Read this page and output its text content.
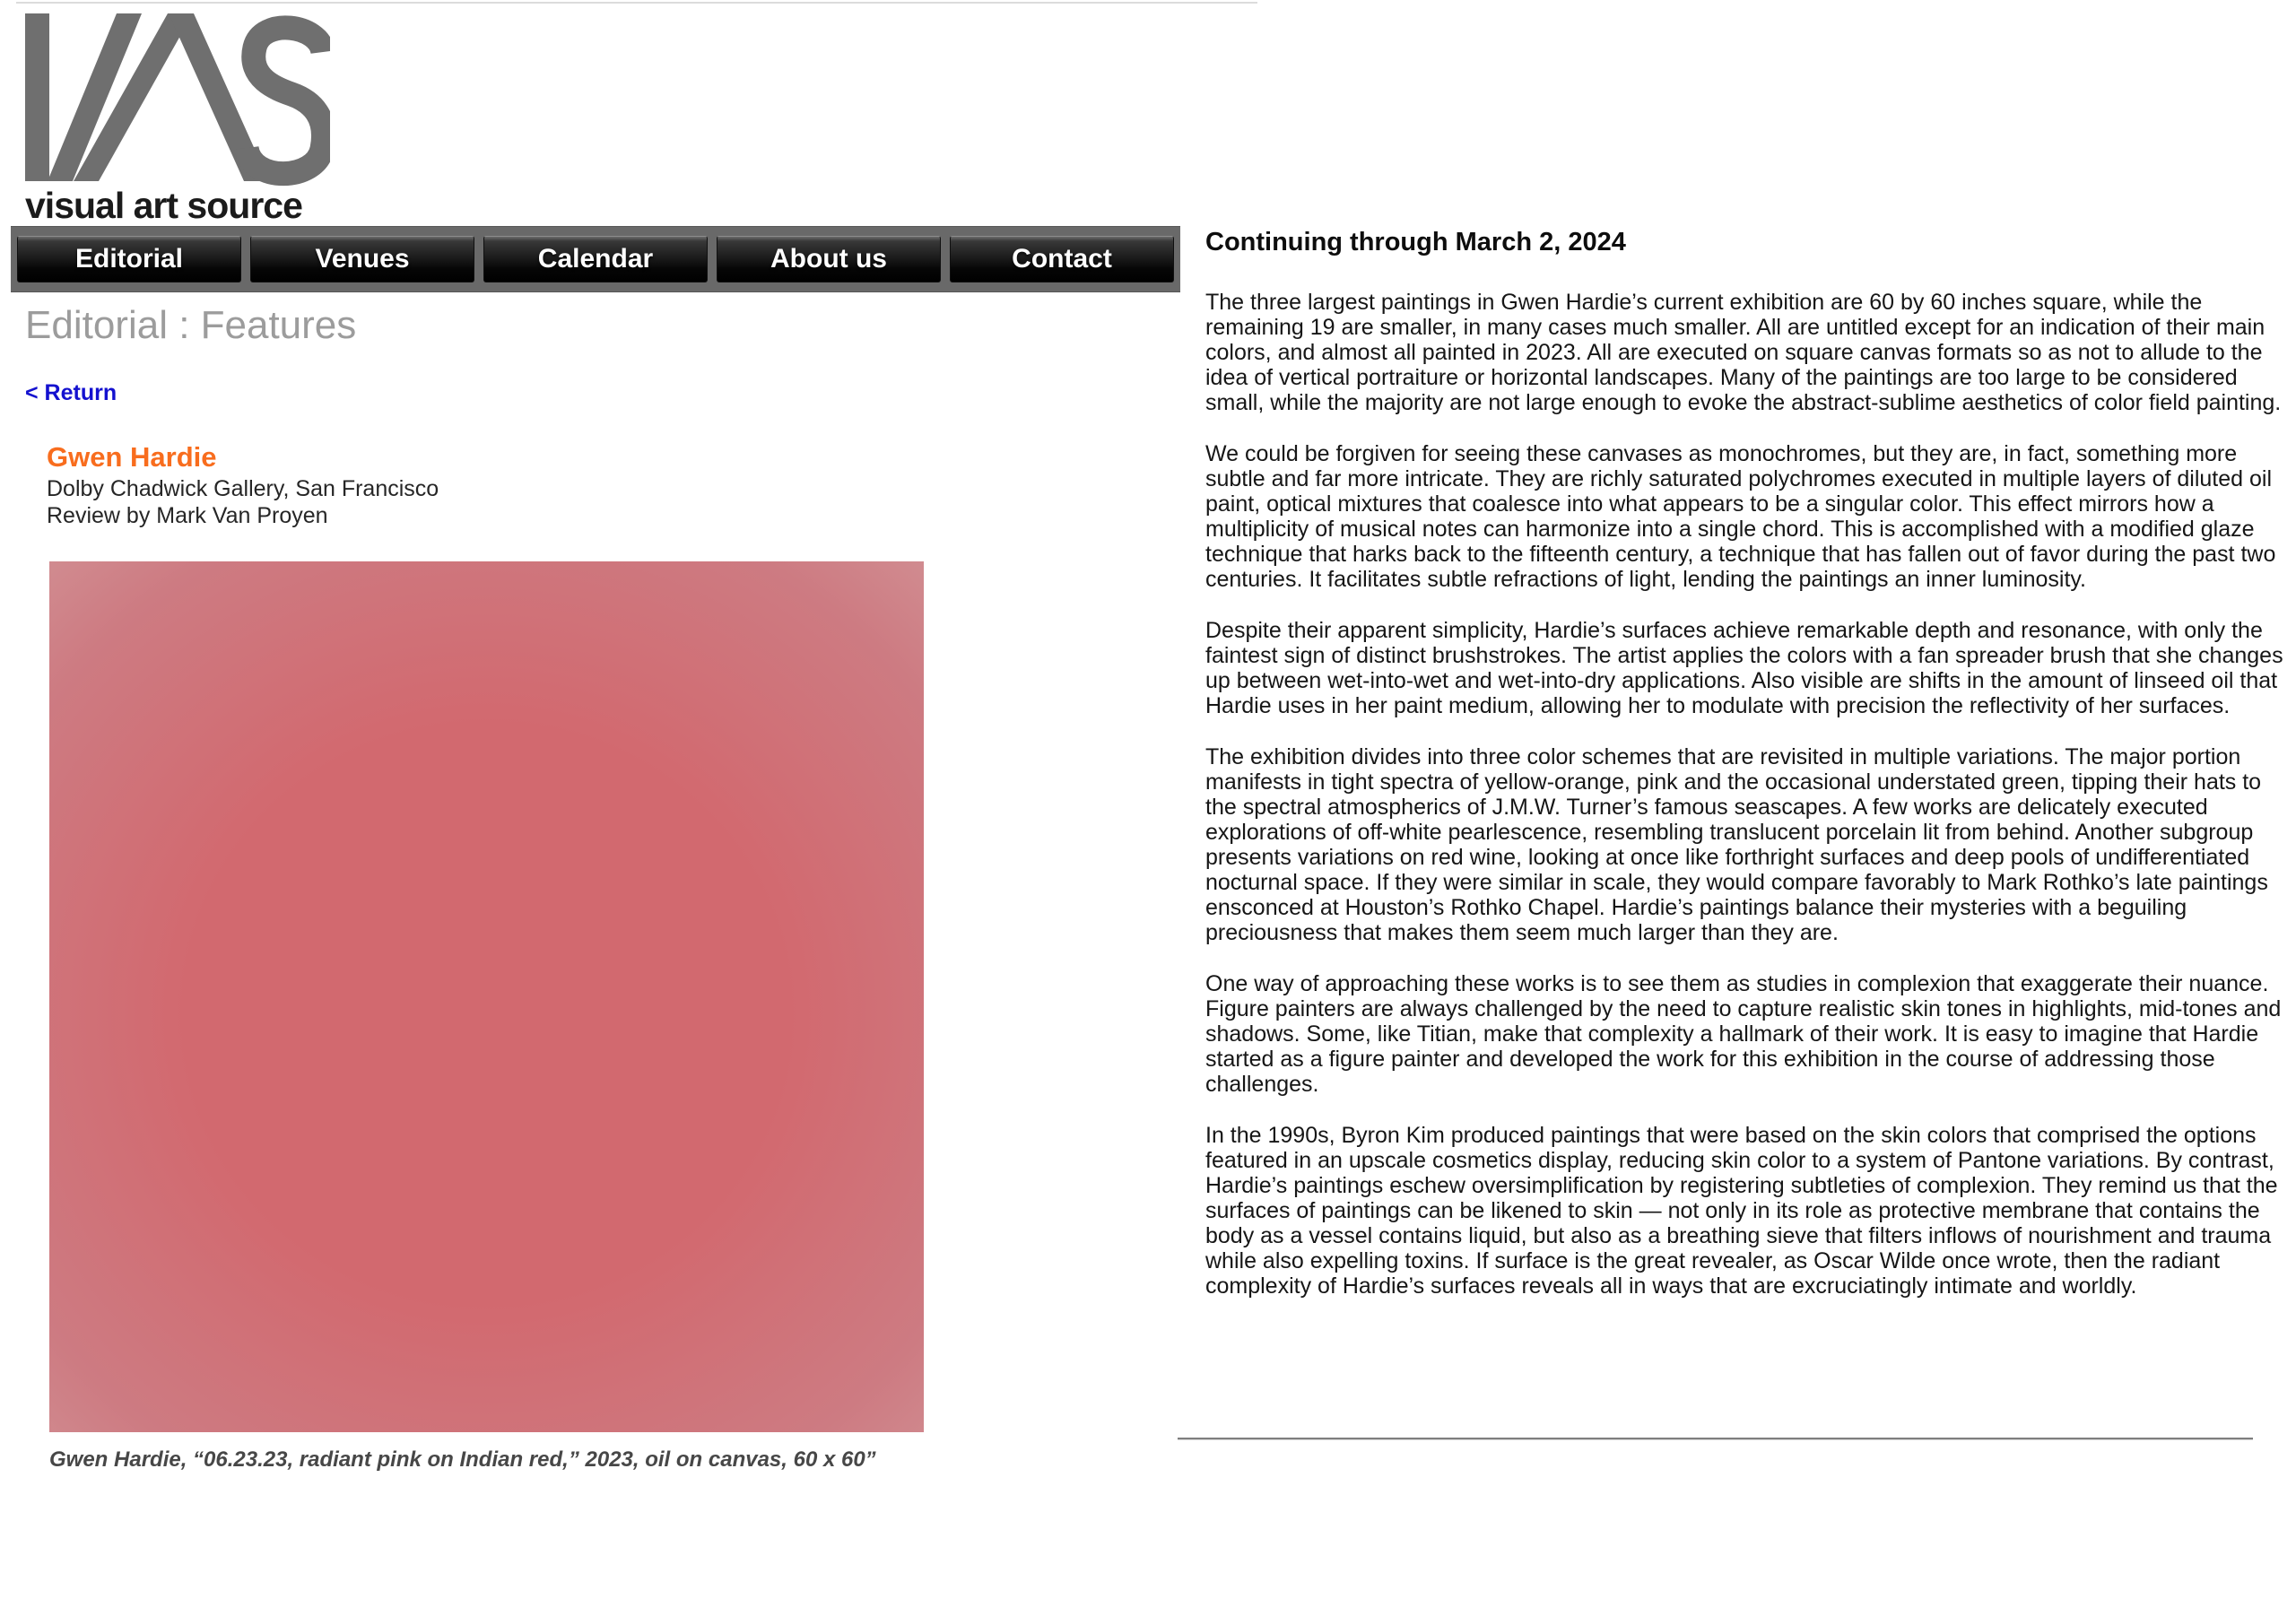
visual art source
Editorial	Venues	Calendar	About us	Contact
Editorial : Features
< Return
Gwen Hardie
Dolby Chadwick Gallery, San Francisco
Review by Mark Van Proyen
Gwen Hardie, “06.23.23, radiant pink on Indian red,” 2023, oil on canvas, 60 x 60”
Continuing through March 2, 2024

The three largest paintings in Gwen Hardie’s current exhibition are 60 by 60 inches square, while the remaining 19 are smaller, in many cases much smaller. All are untitled except for an indication of their main colors, and almost all painted in 2023. All are executed on square canvas formats so as not to allude to the idea of vertical portraiture or horizontal landscapes. Many of the paintings are too large to be considered small, while the majority are not large enough to evoke the abstract-sublime aesthetics of color field painting.

We could be forgiven for seeing these canvases as monochromes, but they are, in fact, something more subtle and far more intricate. They are richly saturated polychromes executed in multiple layers of diluted oil paint, optical mixtures that coalesce into what appears to be a singular color. This effect mirrors how a multiplicity of musical notes can harmonize into a single chord. This is accomplished with a modified glaze technique that harks back to the fifteenth century, a technique that has fallen out of favor during the past two centuries. It facilitates subtle refractions of light, lending the paintings an inner luminosity.

Despite their apparent simplicity, Hardie’s surfaces achieve remarkable depth and resonance, with only the faintest sign of distinct brushstrokes. The artist applies the colors with a fan spreader brush that she changes up between wet-into-wet and wet-into-dry applications. Also visible are shifts in the amount of linseed oil that Hardie uses in her paint medium, allowing her to modulate with precision the reflectivity of her surfaces.

The exhibition divides into three color schemes that are revisited in multiple variations. The major portion manifests in tight spectra of yellow-orange, pink and the occasional understated green, tipping their hats to the spectral atmospherics of J.M.W. Turner’s famous seascapes. A few works are delicately executed explorations of off-white pearlescence, resembling translucent porcelain lit from behind. Another subgroup presents variations on red wine, looking at once like forthright surfaces and deep pools of undifferentiated nocturnal space. If they were similar in scale, they would compare favorably to Mark Rothko’s late paintings ensconced at Houston’s Rothko Chapel. Hardie’s paintings balance their mysteries with a beguiling preciousness that makes them seem much larger than they are.

One way of approaching these works is to see them as studies in complexion that exaggerate their nuance. Figure painters are always challenged by the need to capture realistic skin tones in highlights, mid-tones and shadows. Some, like Titian, make that complexity a hallmark of their work. It is easy to imagine that Hardie started as a figure painter and developed the work for this exhibition in the course of addressing those challenges.

In the 1990s, Byron Kim produced paintings that were based on the skin colors that comprised the options featured in an upscale cosmetics display, reducing skin color to a system of Pantone variations. By contrast, Hardie’s paintings eschew oversimplification by registering subtleties of complexion. They remind us that the surfaces of paintings can be likened to skin — not only in its role as protective membrane that contains the body as a vessel contains liquid, but also as a breathing sieve that filters inflows of nourishment and trauma while also expelling toxins. If surface is the great revealer, as Oscar Wilde once wrote, then the radiant complexity of Hardie’s surfaces reveals all in ways that are excruciatingly intimate and worldly.
